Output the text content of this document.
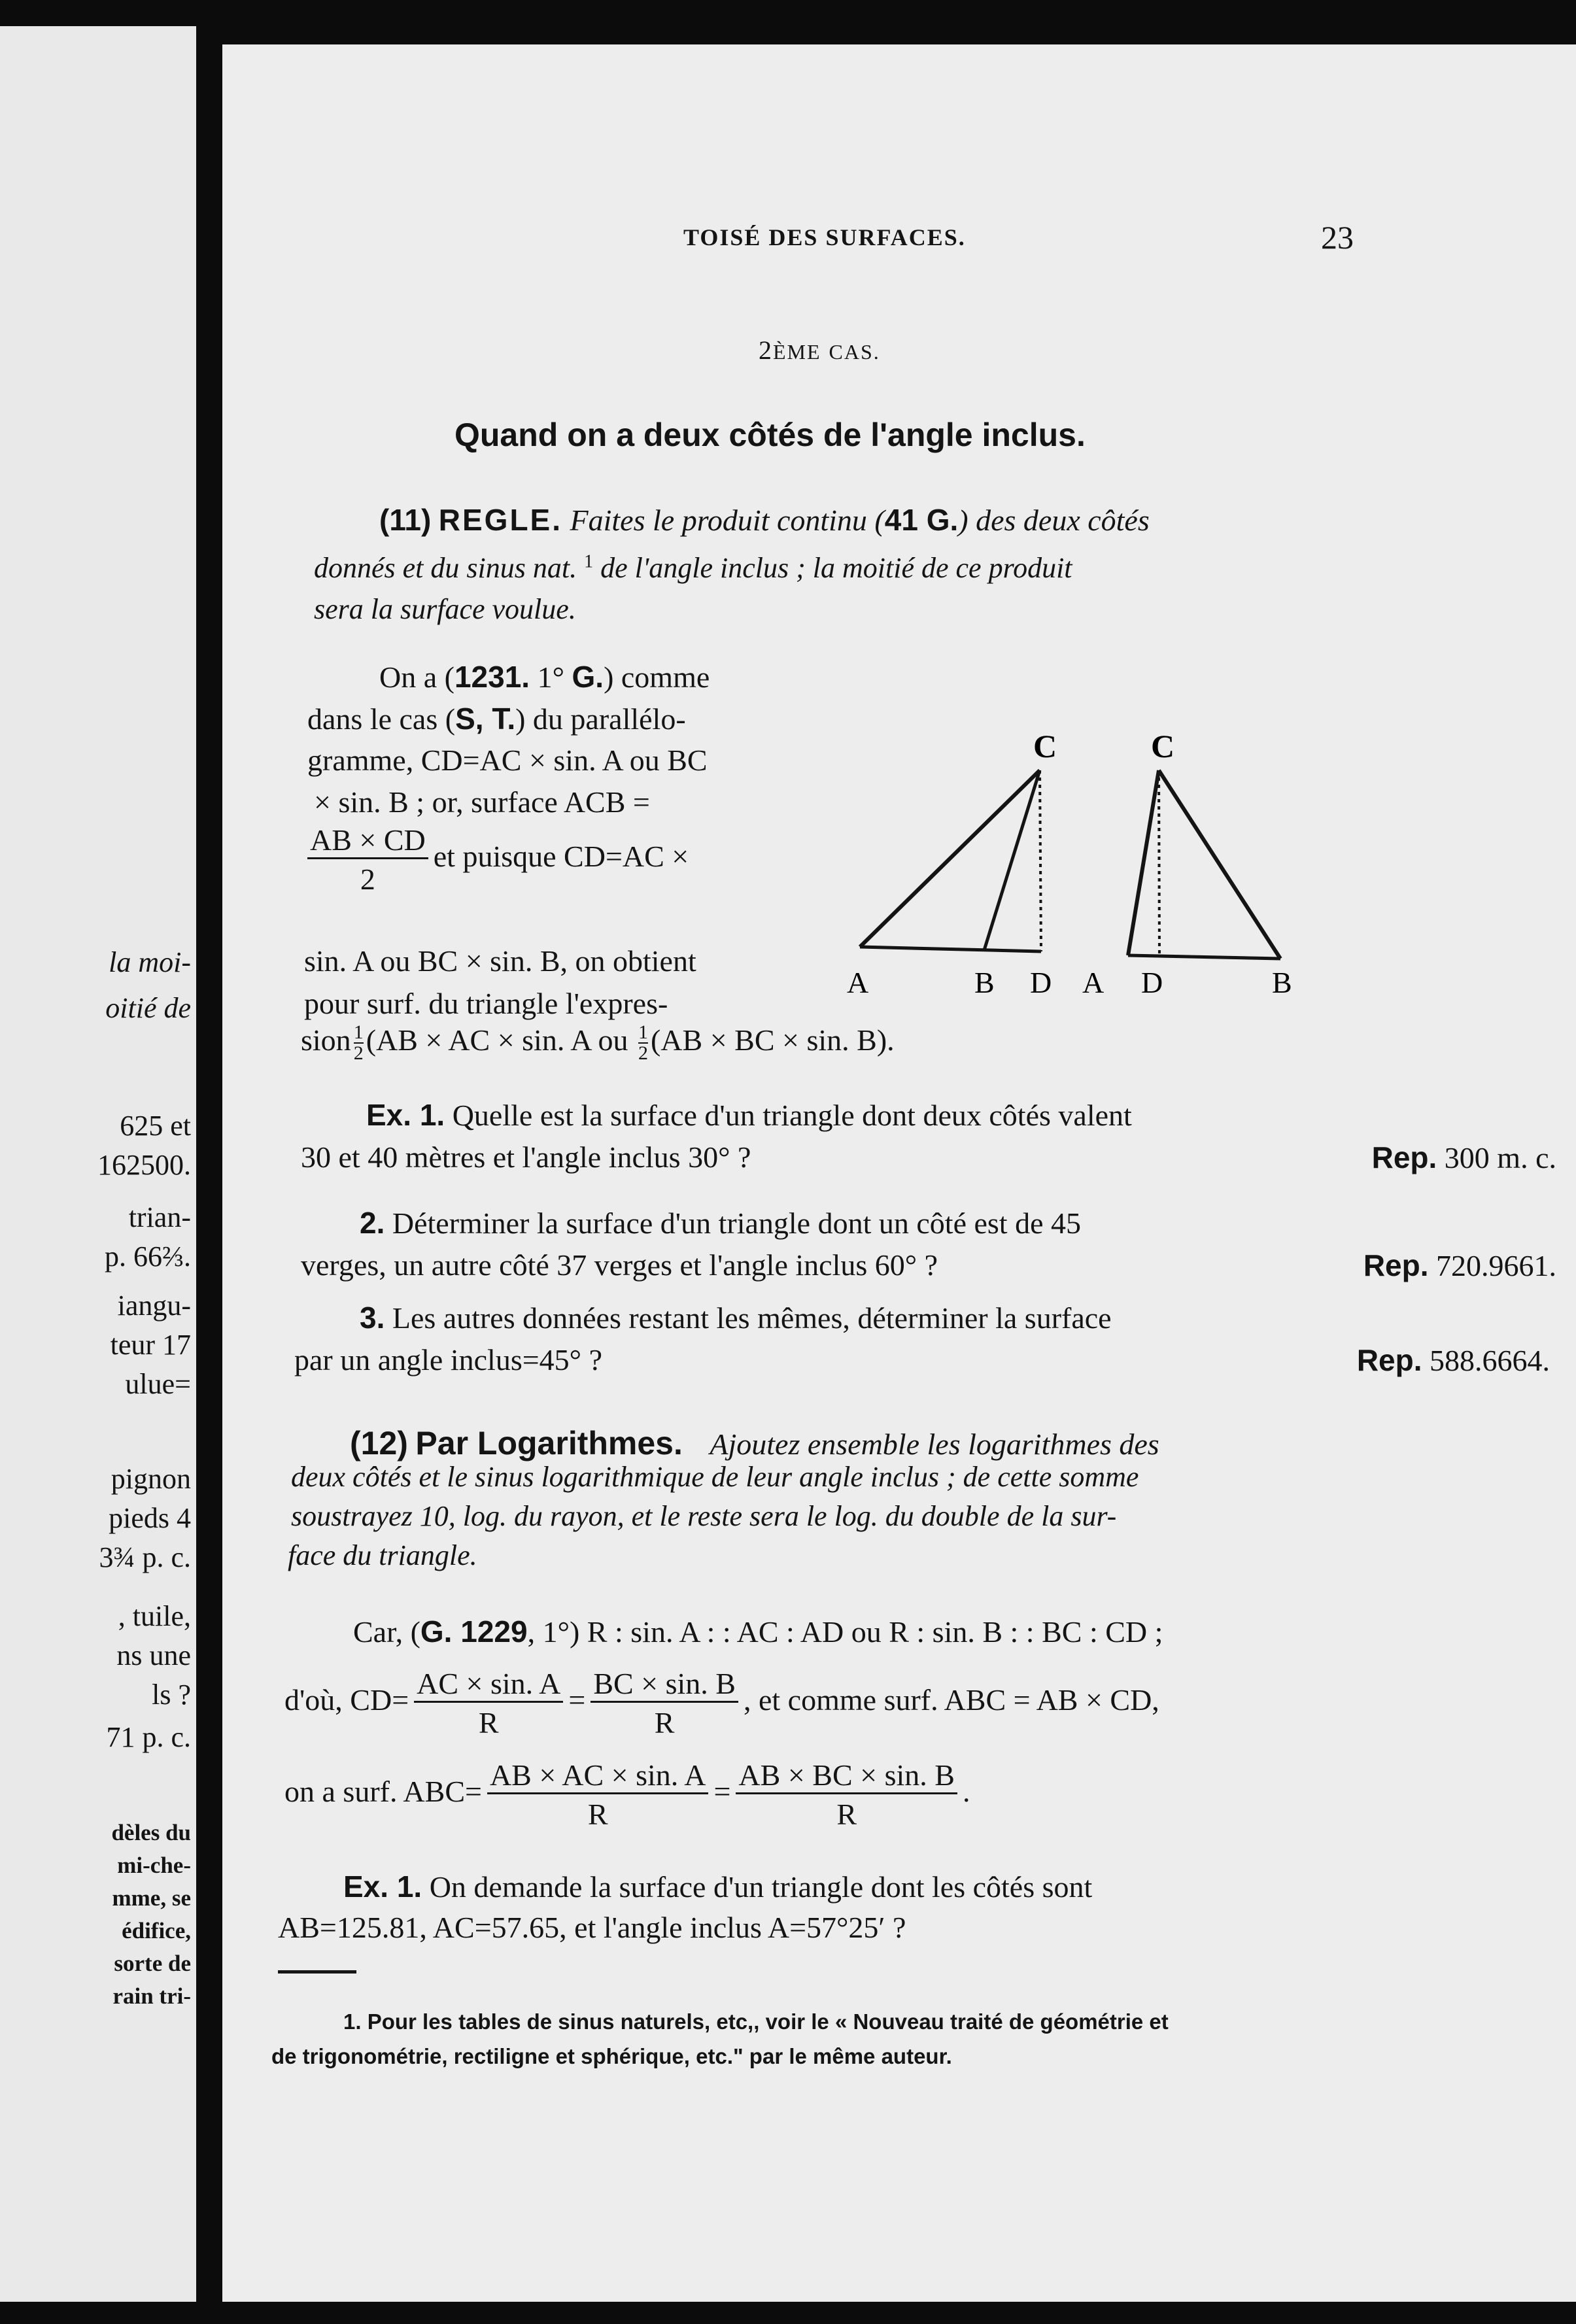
la moi-
oitié de
625 et
162500.
trian-
p. 66⅔.
iangu-
teur 17
ulue=
pignon
pieds 4
3¾ p. c.
, tuile,
ns une
ls ?
71 p. c.
dèles du
mi-che-
mme, se
édifice,
sorte de
rain tri-
TOISÉ DES SURFACES.	23
2ÈME CAS.
Quand on a deux côtés de l'angle inclus.
(11) REGLE. Faites le produit continu (41 G.) des deux côtés
donnés et du sinus nat. $^1$ de l'angle inclus ; la moitié de ce produit
sera la surface voulue.
On a (1231. 1° G.) comme
dans le cas (S, T.) du parallélo-
gramme, CD=AC × sin. A ou BC
× sin. B ; or, surface ACB =
$\frac{AB \times CD}{2}$ et puisque CD=AC ×
sin. A ou BC × sin. B, on obtient
pour surf. du triangle l'expres-
sion $\frac{1}{2}(AB$ × AC × sin. A ou $\frac{1}{2}(AB$ × BC × sin. B).
C
A	B D
C
A D	B
Ex. 1. Quelle est la surface d'un triangle dont deux côtés valent
30 et 40 mètres et l'angle inclus 30° ?	Rep. 300 m. c.
2. Déterminer la surface d'un triangle dont un côté est de 45
verges, un autre côté 37 verges et l'angle inclus 60° ?	Rep. 720.9661.
3. Les autres données restant les mêmes, déterminer la surface
par un angle inclus=45° ?	Rep. 588.6664.
(12) Par Logarithmes. Ajoutez ensemble les logarithmes des
deux côtés et le sinus logarithmique de leur angle inclus ; de cette somme
soustrayez 10, log. du rayon, et le reste sera le log. du double de la sur-
face du triangle.
Car, (G. 1229, 1°) R : sin. A : : AC : AD ou R : sin. B : : BC : CD ;
d'où, $CD= \frac{AC \times \sin. A}{R} = \frac{BC \times \sin. B}{R}$ , et comme surf. ABC = AB × CD,
on a surf. $ABC= \frac{AB \times AC \times \sin. A}{R} = \frac{AB \times BC \times \sin. B}{R}$ .
Ex. 1. On demande la surface d'un triangle dont les côtés sont
AB=125.81, AC=57.65, et l'angle inclus A=57°25′ ?
1. Pour les tables de sinus naturels, etc,, voir le « Nouveau traité de géométrie et
de trigonométrie, rectiligne et sphérique, etc." par le même auteur.
